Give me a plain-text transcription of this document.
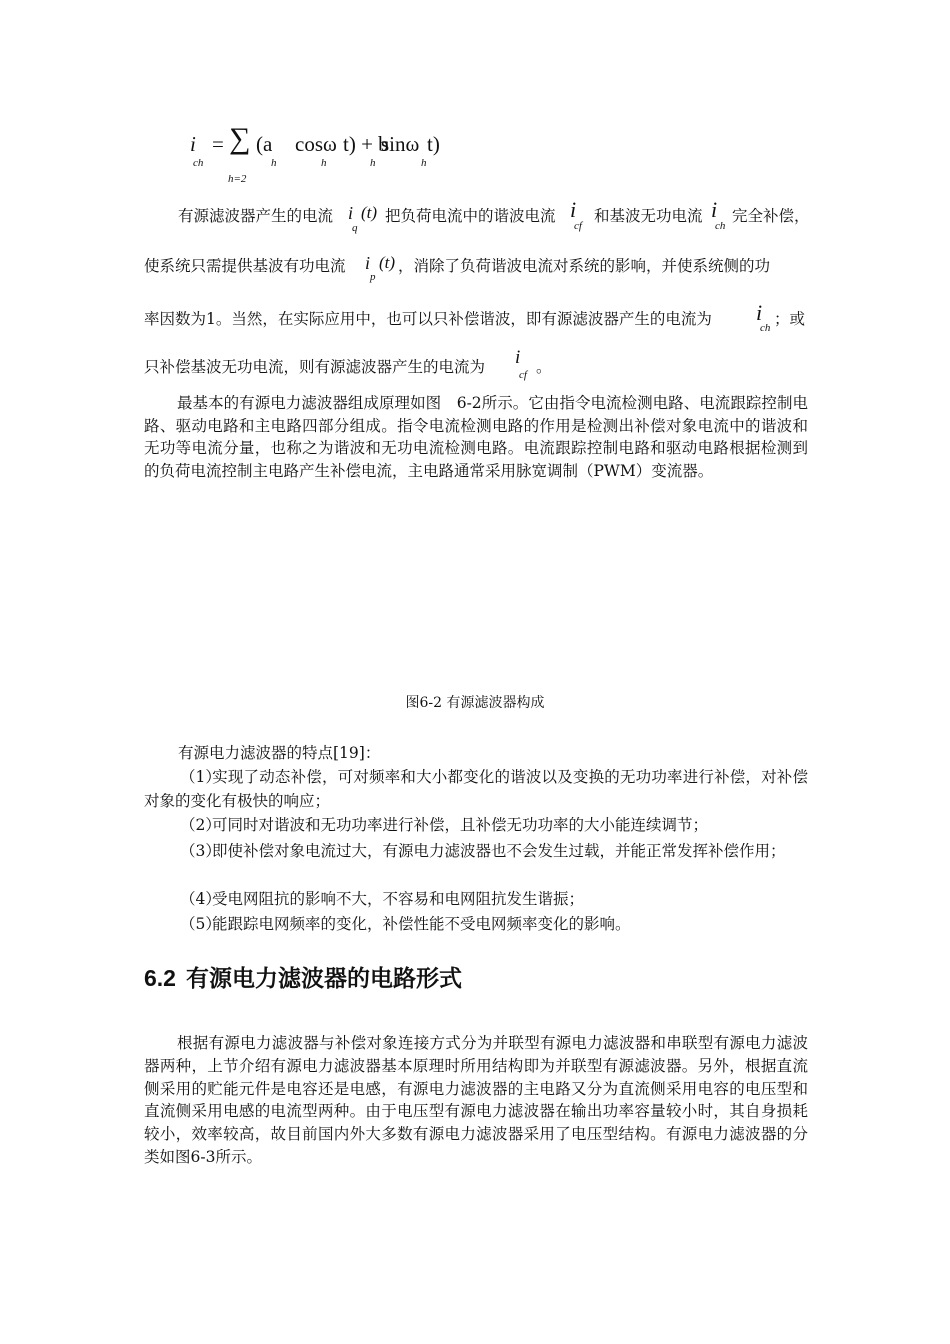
i
ch
= ∑ (a cosω t) + b
sinω t)
h	h	h	h
h=2
有源滤波器产生的电流 i (t)
q
把负荷电流中的谐波电流 i
cf
和基波无功电流 i
ch
完全补偿，
使系统只需提供基波有功电流 i (t)
p
，消除了负荷谐波电流对系统的影响，并使系统侧的功
率因数为1。当然，在实际应用中，也可以只补偿谐波，即有源滤波器产生的电流为 i
ch ；或
只补偿基波无功电流，则有源滤波器产生的电流为 i
cf 。

最基本的有源电力滤波器组成原理如图　6-2所示。它由指令电流检测电路、电流跟踪控制电路、驱动电路和主电路四部分组成。指令电流检测电路的作用是检测出补偿对象电流中的谐波和无功等电流分量，也称之为谐波和无功电流检测电路。电流跟踪控制电路和驱动电路根据检测到的负荷电流控制主电路产生补偿电流，主电路通常采用脉宽调制（PWM）变流器。

图6-2 有源滤波器构成
有源电力滤波器的特点[19]：
（1）实现了动态补偿，可对频率和大小都变化的谐波以及变换的无功功率进行补偿，对补偿对象的变化有极快的响应；
（2）可同时对谐波和无功功率进行补偿，且补偿无功功率的大小能连续调节；
（3）即使补偿对象电流过大，有源电力滤波器也不会发生过载，并能正常发挥补偿作用；
（4）受电网阻抗的影响不大，不容易和电网阻抗发生谐振；
（5）能跟踪电网频率的变化，补偿性能不受电网频率变化的影响。
6.2 有源电力滤波器的电路形式

根据有源电力滤波器与补偿对象连接方式分为并联型有源电力滤波器和串联型有源电力滤波器两种，上节介绍有源电力滤波器基本原理时所用结构即为并联型有源滤波器。另外，根据直流侧采用的贮能元件是电容还是电感，有源电力滤波器的主电路又分为直流侧采用电容的电压型和直流侧采用电感的电流型两种。由于电压型有源电力滤波器在输出功率容量较小时，其自身损耗较小，效率较高，故目前国内外大多数有源电力滤波器采用了电压型结构。有源电力滤波器的分类如图6-3所示。
